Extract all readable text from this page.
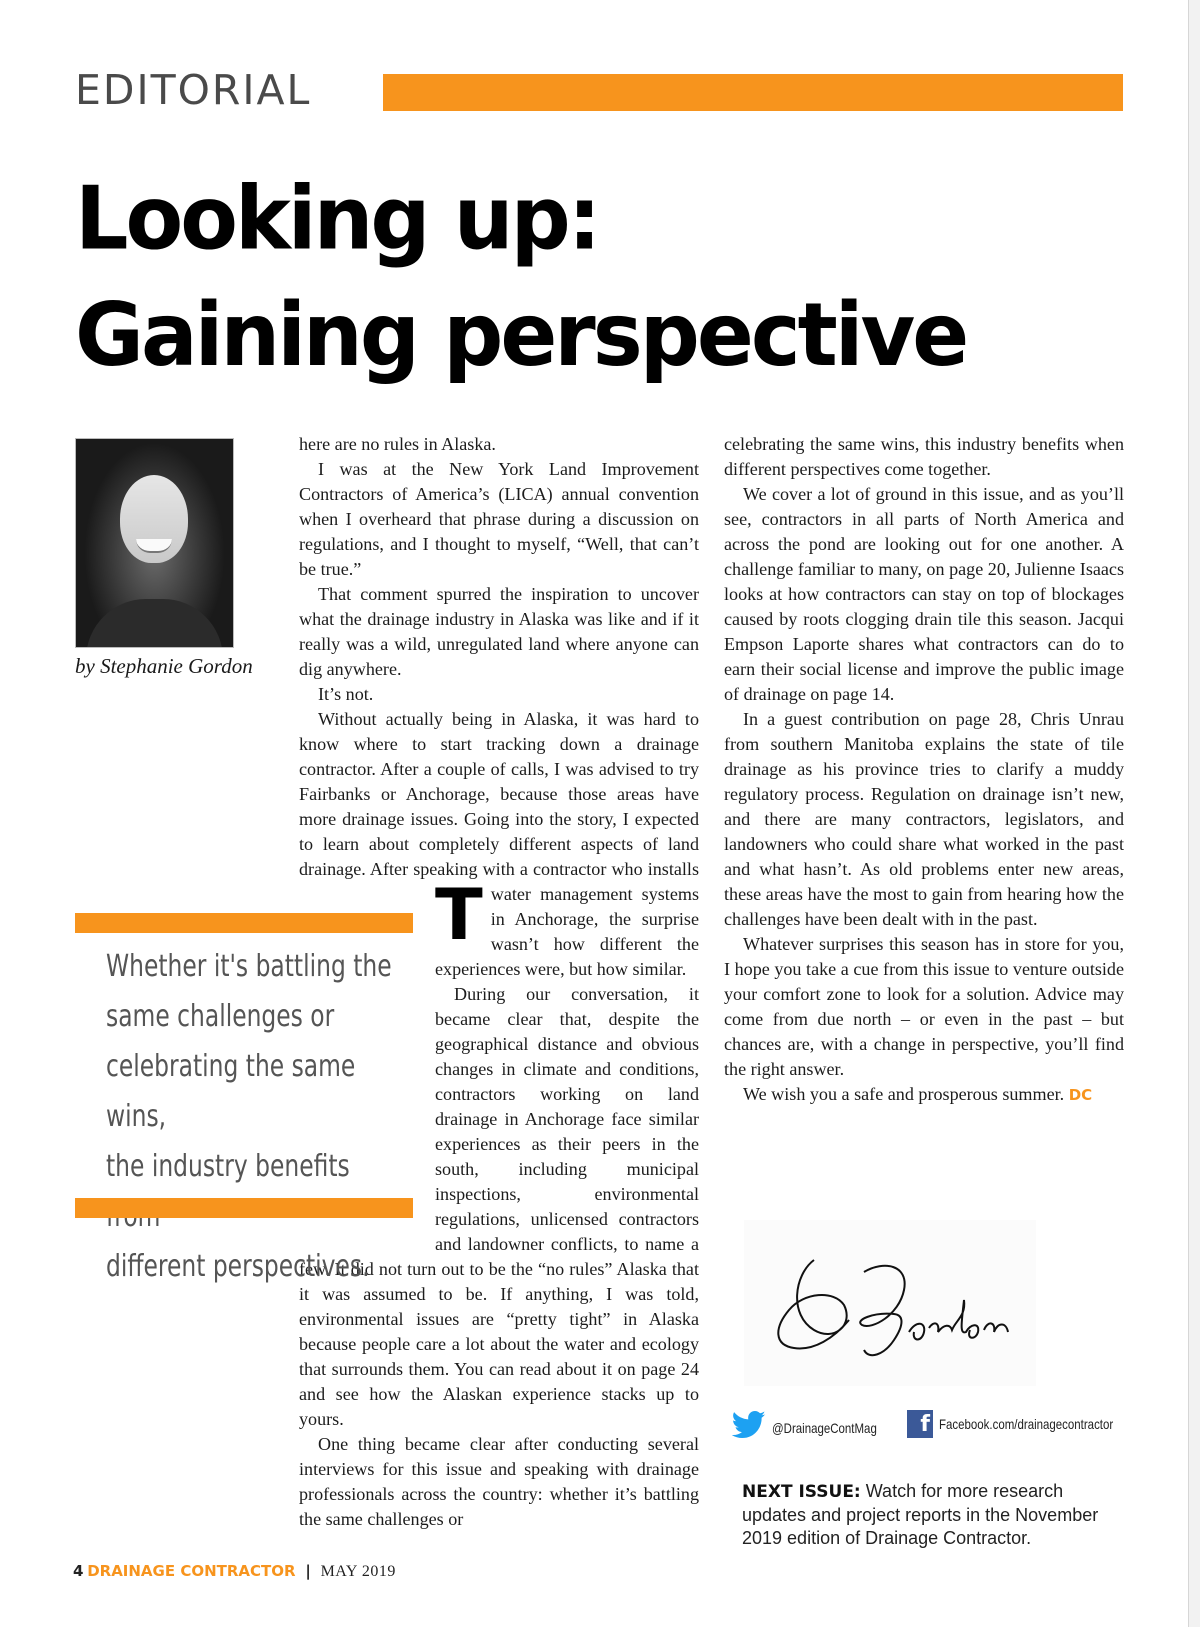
EDITORIAL
Looking up:
Gaining perspective
by Stephanie Gordon

T
here are no rules in Alaska.

I was at the New York Land Improvement Contractors of America’s (LICA) annual convention when I overheard that phrase during a discussion on regulations, and I thought to myself, “Well, that can’t be true.”

That comment spurred the inspiration to uncover what the drainage industry in Alaska was like and if it really was a wild, unregulated land where anyone can dig anywhere.

It’s not.

Without actually being in Alaska, it was hard to know where to start tracking down a drainage contractor. After a couple of calls, I was advised to try Fairbanks or Anchorage, because those areas have more drainage issues. Going into the story, I expected to learn about completely different aspects of land drainage. After speaking with a contractor who installs water management systems in Anchorage, the surprise wasn’t how different the experiences were, but how similar.

During our conversation, it became clear that, despite the geographical distance and obvious changes in climate and conditions, contractors working on land drainage in Anchorage face similar experiences as their peers in the south, including municipal inspections, environmental regulations, unlicensed contractors and landowner conflicts, to name a few. It did not turn out to be the “no rules” Alaska that it was assumed to be. If anything, I was told, environmental issues are “pretty tight” in Alaska because people care a lot about the water and ecology that surrounds them. You can read about it on page 24 and see how the Alaskan experience stacks up to yours.

One thing became clear after conducting several interviews for this issue and speaking with drainage professionals across the country: whether it’s battling the same challenges or

Whether it's battling the
same challenges or
celebrating the same wins,
the industry benefits
different perspectives.

celebrating the same wins, this industry benefits when different perspectives come together.

We cover a lot of ground in this issue, and as you’ll see, contractors in all parts of North America and across the pond are looking out for one another. A challenge familiar to many, on page 20, Julienne Isaacs looks at how contractors can stay on top of blockages caused by roots clogging drain tile this season. Jacqui Empson Laporte shares what contractors can do to earn their social license and improve the public image of drainage on page 14.

In a guest contribution on page 28, Chris Unrau from southern Manitoba explains the state of tile drainage as his province tries to clarify a muddy regulatory process. Regulation on drainage isn’t new, and there are many contractors, legislators, and landowners who could share what worked in the past and what hasn’t. As old problems enter new areas, these areas have the most to gain from hearing how the challenges have been dealt with in the past.

Whatever surprises this season has in store for you, I hope you take a cue from this issue to venture outside your comfort zone to look for a solution. Advice may come from due north – or even in the past – but chances are, with a change in perspective, you’ll find the right answer.

We wish you a safe and prosperous summer. DC

@DrainageContMag	f Facebook.com/drainagecontractor
NEXT ISSUE: Watch for more research updates and project reports in the November 2019 edition of Drainage Contractor.
4 DRAINAGE CONTRACTOR | MAY 2019
